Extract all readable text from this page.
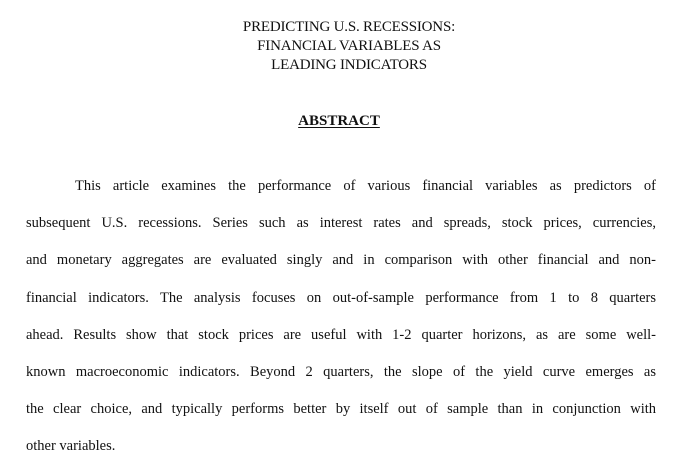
PREDICTING U.S. RECESSIONS:
FINANCIAL VARIABLES AS
LEADING INDICATORS
ABSTRACT
This article examines the performance of various financial variables as predictors of
subsequent U.S. recessions. Series such as interest rates and spreads, stock prices, currencies,
and monetary aggregates are evaluated singly and in comparison with other financial and non-
financial indicators. The analysis focuses on out-of-sample performance from 1 to 8 quarters
ahead. Results show that stock prices are useful with 1-2 quarter horizons, as are some well-
known macroeconomic indicators. Beyond 2 quarters, the slope of the yield curve emerges as
the clear choice, and typically performs better by itself out of sample than in conjunction with
other variables.
